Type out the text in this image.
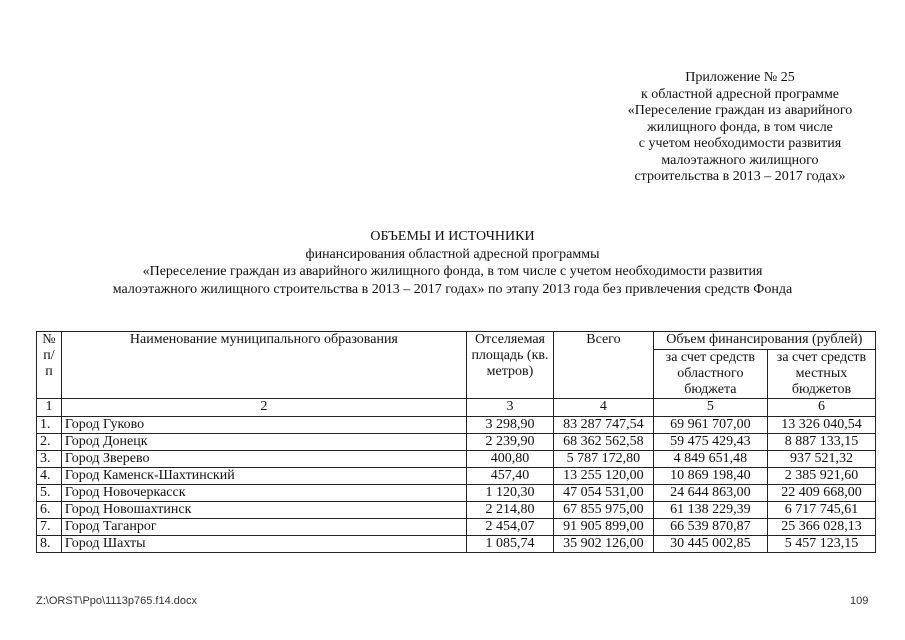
Приложение № 25
к областной адресной программе
«Переселение граждан из аварийного
жилищного фонда, в том числе
с учетом необходимости развития
малоэтажного жилищного
строительства в 2013 – 2017 годах»
ОБЪЕМЫ И ИСТОЧНИКИ
финансирования областной адресной программы
«Переселение граждан из аварийного жилищного фонда, в том числе с учетом необходимости развития
малоэтажного жилищного строительства в 2013 – 2017 годах» по этапу 2013 года без привлечения средств Фонда
№ п/п	Наименование муниципального образования	Отселяемая площадь (кв. метров)	Всего	Объем финансирования (рублей)	
				за счет средств областного бюджета	за счет средств местных бюджетов
1	2	3	4	5	6
1.	Город Гуково	3 298,90	83 287 747,54	69 961 707,00	13 326 040,54
2.	Город Донецк	2 239,90	68 362 562,58	59 475 429,43	8 887 133,15
3.	Город Зверево	400,80	5 787 172,80	4 849 651,48	937 521,32
4.	Город Каменск-Шахтинский	457,40	13 255 120,00	10 869 198,40	2 385 921,60
5.	Город Новочеркасск	1 120,30	47 054 531,00	24 644 863,00	22 409 668,00
6.	Город Новошахтинск	2 214,80	67 855 975,00	61 138 229,39	6 717 745,61
7.	Город Таганрог	2 454,07	91 905 899,00	66 539 870,87	25 366 028,13
8.	Город Шахты	1 085,74	35 902 126,00	30 445 002,85	5 457 123,15
Z:\ORST\Ppo\1113p765.f14.docx	109
